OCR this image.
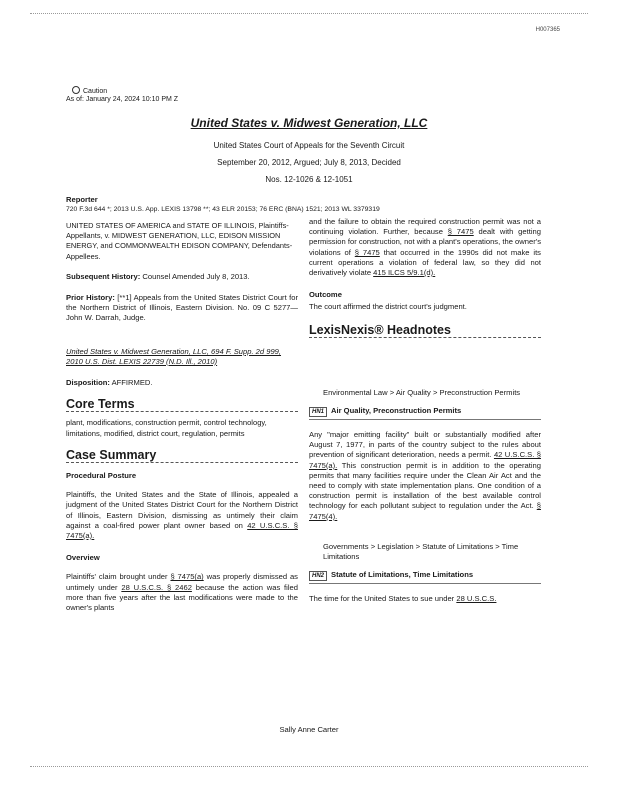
H007365
Caution
As of: January 24, 2024 10:10 PM Z
United States v. Midwest Generation, LLC
United States Court of Appeals for the Seventh Circuit
September 20, 2012, Argued; July 8, 2013, Decided
Nos. 12-1026 & 12-1051
Reporter
720 F.3d 644 *; 2013 U.S. App. LEXIS 13798 **; 43 ELR 20153; 76 ERC (BNA) 1521; 2013 WL 3379319

UNITED STATES OF AMERICA and STATE OF ILLINOIS, Plaintiffs-Appellants, v. MIDWEST GENERATION, LLC, EDISON MISSION ENERGY, and COMMONWEALTH EDISON COMPANY, Defendants-Appellees.

Subsequent History: Counsel Amended July 8, 2013.

Prior History: [**1] Appeals from the United States District Court for the Northern District of Illinois, Eastern Division. No. 09 C 5277—John W. Darrah, Judge.

United States v. Midwest Generation, LLC, 694 F. Supp. 2d 999, 2010 U.S. Dist. LEXIS 22739 (N.D. Ill., 2010)

Disposition: AFFIRMED.

Core Terms

plant, modifications, construction permit, control technology, limitations, modified, district court, regulation, permits

Case Summary
Procedural Posture

Plaintiffs, the United States and the State of Illinois, appealed a judgment of the United States District Court for the Northern District of Illinois, Eastern Division, dismissing as untimely their claim against a coal-fired power plant owner based on 42 U.S.C.S. § 7475(a).

Overview

Plaintiffs' claim brought under § 7475(a) was properly dismissed as untimely under 28 U.S.C.S. § 2462 because the action was filed more than five years after the last modifications were made to the owner's plants

and the failure to obtain the required construction permit was not a continuing violation. Further, because § 7475 dealt with getting permission for construction, not with a plant's operations, the owner's violations of § 7475 that occurred in the 1990s did not make its current operations a violation of federal law, so they did not derivatively violate 415 ILCS 5/9.1(d).

Outcome

The court affirmed the district court's judgment.

LexisNexis® Headnotes

Environmental Law > Air Quality > Preconstruction Permits

HN1 Air Quality, Preconstruction Permits

Any "major emitting facility" built or substantially modified after August 7, 1977, in parts of the country subject to the rules about prevention of significant deterioration, needs a permit. 42 U.S.C.S. § 7475(a). This construction permit is in addition to the operating permits that many facilities require under the Clean Air Act and the need to comply with state implementation plans. One condition of a construction permit is installation of the best available control technology for each pollutant subject to regulation under the Act. § 7475(4).

Governments > Legislation > Statute of Limitations > Time Limitations

HN2 Statute of Limitations, Time Limitations

The time for the United States to sue under 28 U.S.C.S.

Sally Anne Carter
